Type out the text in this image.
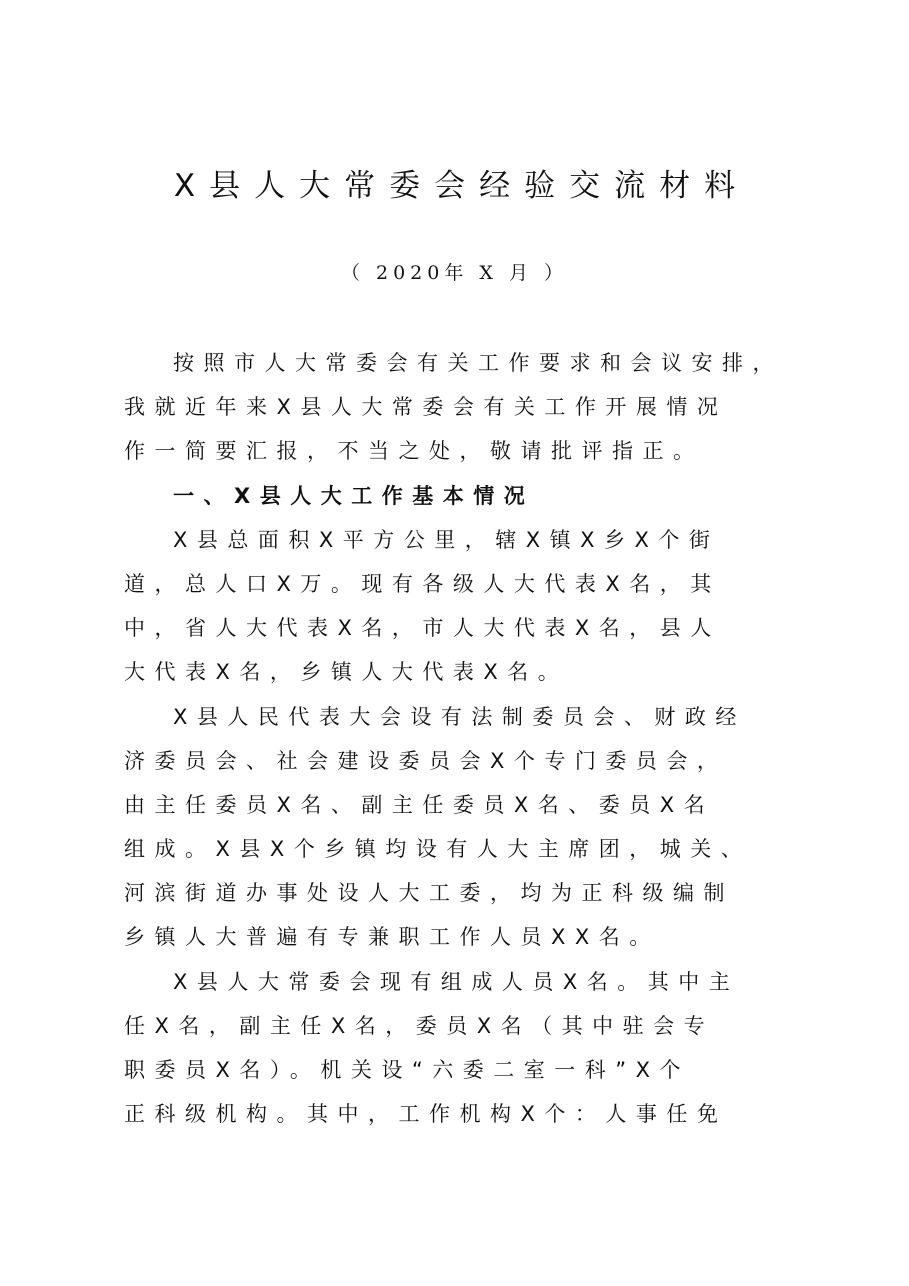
X县人大常委会经验交流材料
（ 2020年 X 月 ）
按照市人大常委会有关工作要求和会议安排，
我就近年来X县人大常委会有关工作开展情况
作一简要汇报，不当之处，敬请批评指正。
一、X县人大工作基本情况
X县总面积X平方公里，辖X镇X乡X个街
道，总人口X万。现有各级人大代表X名，其
中，省人大代表X名，市人大代表X名，县人
大代表X名，乡镇人大代表X名。
X县人民代表大会设有法制委员会、财政经
济委员会、社会建设委员会X个专门委员会，
由主任委员X名、副主任委员X名、委员X名
组成。X县X个乡镇均设有人大主席团，城关、
河滨街道办事处设人大工委，均为正科级编制
乡镇人大普遍有专兼职工作人员XX名。
X县人大常委会现有组成人员X名。其中主
任X名，副主任X名，委员X名（其中驻会专
职委员X名）。机关设“六委二室一科”X个
正科级机构。其中，工作机构X个：人事任免
